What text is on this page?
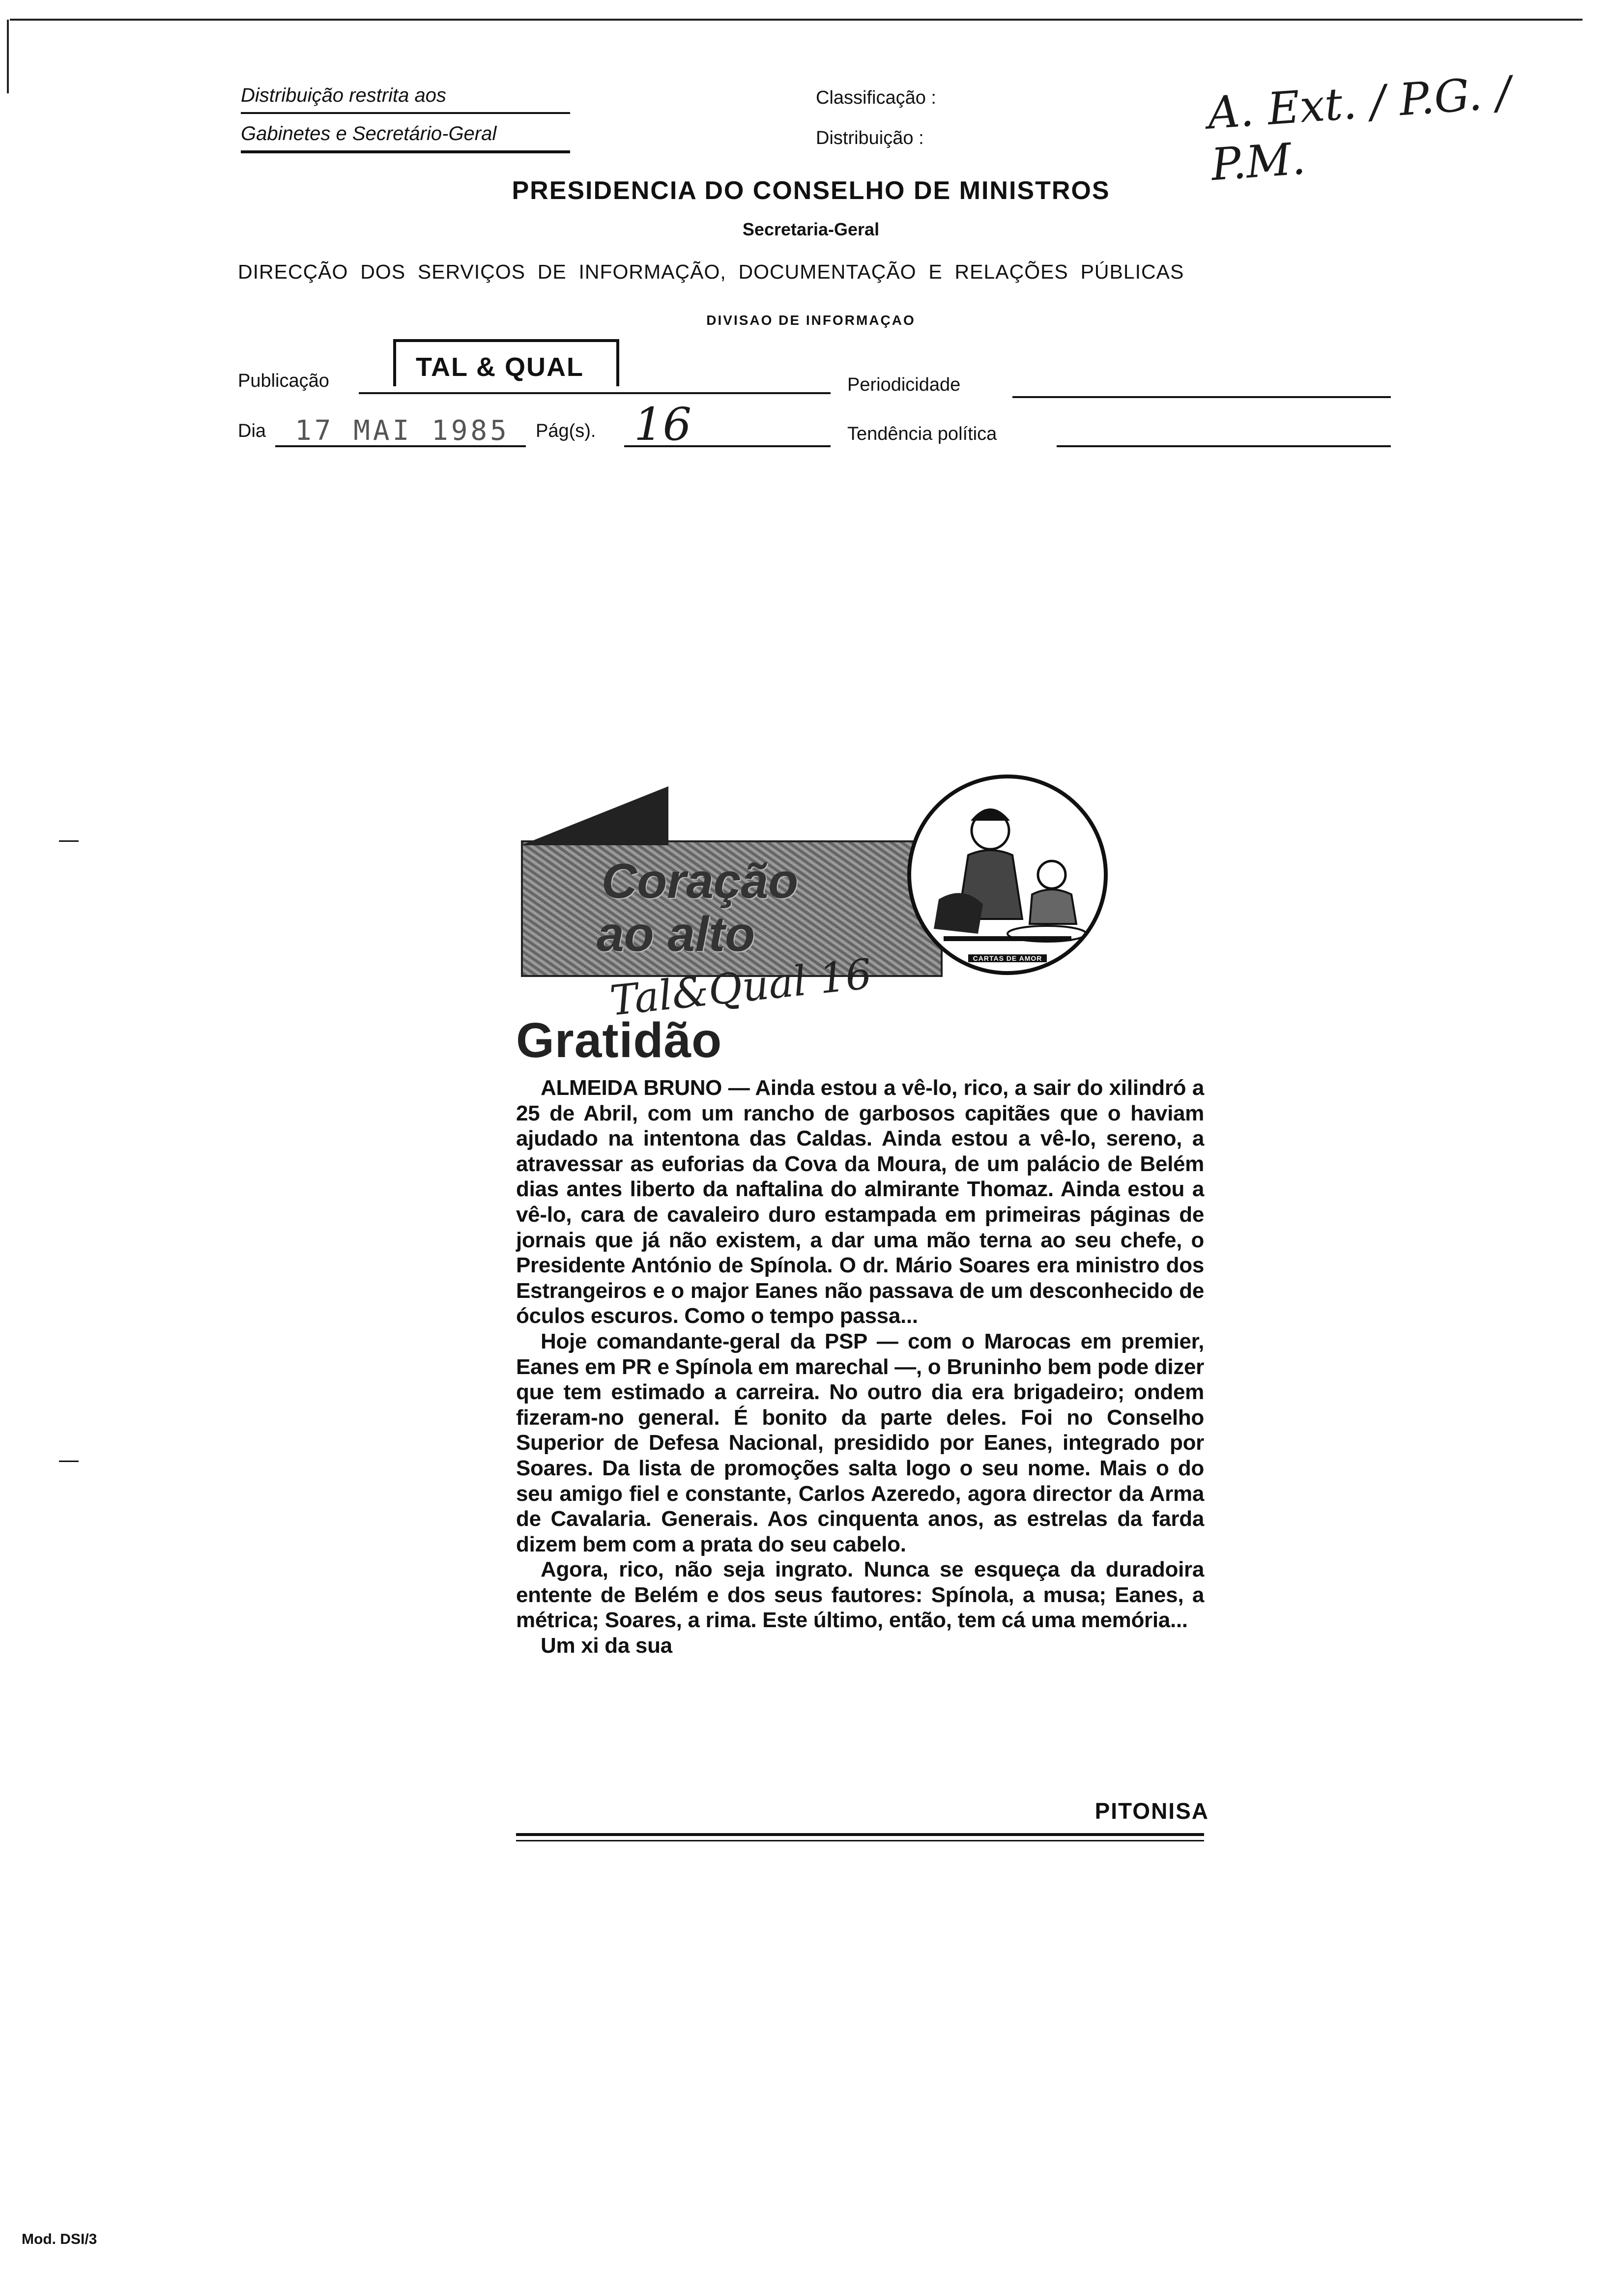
Distribuição restrita aos
Gabinetes e Secretário-Geral
Classificação :
Distribuição :	A. Ext. / P.G. / P.M.
PRESIDENCIA DO CONSELHO DE MINISTROS
Secretaria-Geral
DIRECÇÃO  DOS  SERVIÇOS  DE  INFORMAÇÃO,  DOCUMENTAÇÃO  E  RELAÇÕES  PÚBLICAS
DIVISAO DE INFORMAÇAO
Publicação	TAL & QUAL
Periodicidade
Dia 17 MAI 1985 Pág(s). 16	Tendência política
Coração
ao alto	CARTAS DE AMOR
Tal&Qual 16
Gratidão

ALMEIDA BRUNO — Ainda estou a vê-lo, rico, a sair do xilindró a 25 de Abril, com um rancho de garbosos capitães que o haviam ajudado na intentona das Caldas. Ainda estou a vê-lo, sereno, a atravessar as euforias da Cova da Moura, de um palácio de Belém dias antes liberto da naftalina do almirante Thomaz. Ainda estou a vê-lo, cara de cavaleiro duro estampada em primeiras páginas de jornais que já não existem, a dar uma mão terna ao seu chefe, o Presidente António de Spínola. O dr. Mário Soares era ministro dos Estrangeiros e o major Eanes não passava de um desconhecido de óculos escuros. Como o tempo passa...

Hoje comandante-geral da PSP — com o Marocas em premier, Eanes em PR e Spínola em marechal —, o Bruninho bem pode dizer que tem estimado a carreira. No outro dia era brigadeiro; ondem fizeram-no general. É bonito da parte deles. Foi no Conselho Superior de Defesa Nacional, presidido por Eanes, integrado por Soares. Da lista de promoções salta logo o seu nome. Mais o do seu amigo fiel e constante, Carlos Azeredo, agora director da Arma de Cavalaria. Generais. Aos cinquenta anos, as estrelas da farda dizem bem com a prata do seu cabelo.

Agora, rico, não seja ingrato. Nunca se esqueça da duradoira entente de Belém e dos seus fautores: Spínola, a musa; Eanes, a métrica; Soares, a rima. Este último, então, tem cá uma memória...

Um xi da sua

PITONISA
Mod. DSI/3
